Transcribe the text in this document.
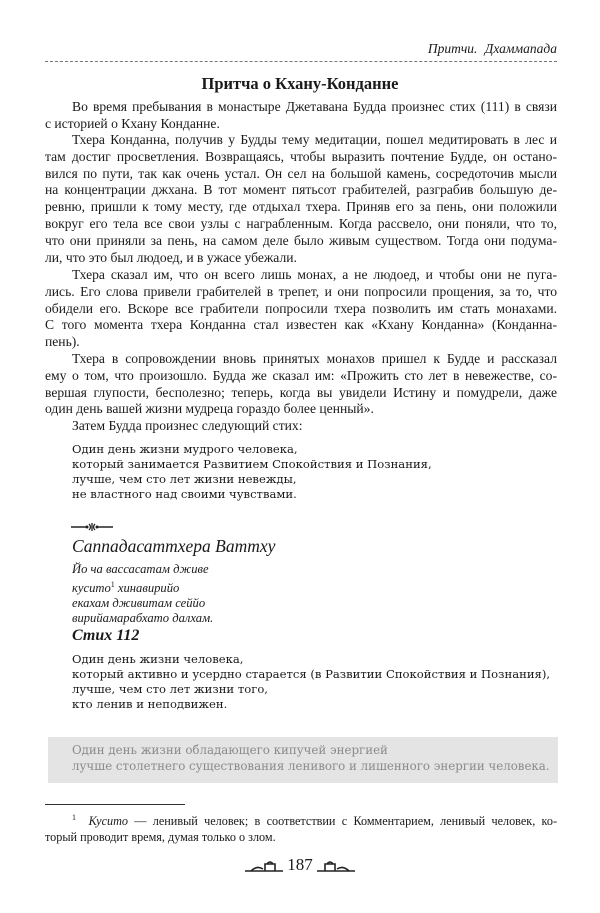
Притчи. Дхаммапада
Притча о Кхану-Конданне
Во время пребывания в монастыре Джетавана Будда произнес стих (111) в связи
с историей о Кхану Конданне.
Тхера Конданна, получив у Будды тему медитации, пошел медитировать в лес и
там достиг просветления. Возвращаясь, чтобы выразить почтение Будде, он остано-
вился по пути, так как очень устал. Он сел на большой камень, сосредоточив мысли
на концентрации джхана. В тот момент пятьсот грабителей, разграбив большую де-
ревню, пришли к тому месту, где отдыхал тхера. Приняв его за пень, они положили
вокруг его тела все свои узлы с награбленным. Когда рассвело, они поняли, что то,
что они приняли за пень, на самом деле было живым существом. Тогда они подума-
ли, что это был людоед, и в ужасе убежали.
Тхера сказал им, что он всего лишь монах, а не людоед, и чтобы они не пуга-
лись. Его слова привели грабителей в трепет, и они попросили прощения, за то, что
обидели его. Вскоре все грабители попросили тхера позволить им стать монахами.
С того момента тхера Конданна стал известен как «Кхану Конданна» (Конданна-
пень).
Тхера в сопровождении вновь принятых монахов пришел к Будде и рассказал
ему о том, что произошло. Будда же сказал им: «Прожить сто лет в невежестве, со-
вершая глупости, бесполезно; теперь, когда вы увидели Истину и помудрели, даже
один день вашей жизни мудреца гораздо более ценный».
Затем Будда произнес следующий стих:
Один день жизни мудрого человека,
который занимается Развитием Спокойствия и Познания,
лучше, чем сто лет жизни невежды,
не властного над своими чувствами.
Саппадасаттхера Ваттху
Йо ча вассасатам дживе
кусито$^1$ хинавирийо
екахам дживитам сеййо
вирийамарабхато далхам.
Стих 112
Один день жизни человека,
который активно и усердно старается (в Развитии Спокойствия и Познания),
лучше, чем сто лет жизни того,
кто ленив и неподвижен.
Один день жизни обладающего кипучей энергией
лучше столетнего существования ленивого и лишенного энергии человека.
$^1$ Кусито — ленивый человек; в соответствии с Комментарием, ленивый человек, ко-
торый проводит время, думая только о злом.
187
